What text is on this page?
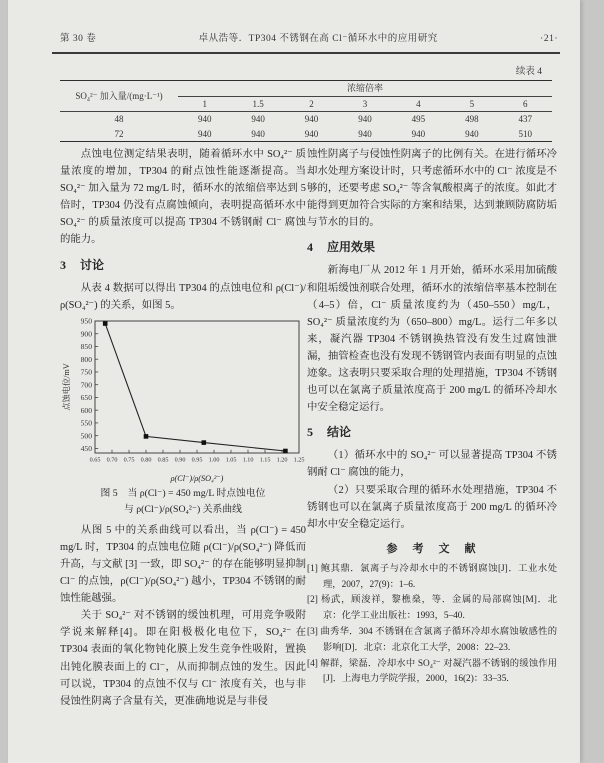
第 30 卷	卓从浩等．TP304 不锈钢在高 Cl⁻循环水中的应用研究	·21·
续表 4
SO₄²⁻ 加入量/(mg·L⁻¹)	浓缩倍率						
	1	1.5	2	3	4	5	6
48	940	940	940	940	495	498	437
72	940	940	940	940	940	940	510

点蚀电位测定结果表明，随着循环水中 SO₄²⁻ 质量浓度的增加，TP304 的耐点蚀性能逐渐提高。当 SO₄²⁻ 加入量为 72 mg/L 时，循环水的浓缩倍率达到 5 倍时，TP304 仍没有点腐蚀倾向，表明提高循环水中 SO₄²⁻ 的质量浓度可以提高 TP304 不锈钢耐 Cl⁻ 腐蚀的能力。

3 讨论

从表 4 数据可以得出 TP304 的点蚀电位和 ρ(Cl⁻)/ρ(SO₄²⁻) 的关系，如图 5。

450
500
550
600
650
700
750
800
850
900
950
0.65 0.70 0.75 0.80 0.85 0.90 0.95 1.00 1.05 1.10 1.15 1.20 1.25
ρ(Cl⁻)/ρ(SO₄²⁻)
点蚀电位/mV
图 5　当 ρ(Cl⁻) = 450 mg/L 时点蚀电位
与 ρ(Cl⁻)/ρ(SO₄²⁻) 关系曲线

从图 5 中的关系曲线可以看出，当 ρ(Cl⁻) = 450 mg/L 时，TP304 的点蚀电位随 ρ(Cl⁻)/ρ(SO₄²⁻) 降低而升高，与文献 [3] 一致，即 SO₄²⁻ 的存在能够明显抑制 Cl⁻ 的点蚀，ρ(Cl⁻)/ρ(SO₄²⁻) 越小，TP304 不锈钢的耐蚀性能越强。

关于 SO₄²⁻ 对不锈钢的缓蚀机理，可用竞争吸附学说来解释[4]。即在阳极极化电位下，SO₄²⁻ 在 TP304 表面的氧化物钝化膜上发生竞争性吸附，置换出钝化膜表面上的 Cl⁻，从而抑制点蚀的发生。因此可以说，TP304 的点蚀不仅与 Cl⁻ 浓度有关，也与非侵蚀性阴离子含量有关，更准确地说是与非侵

蚀性阴离子与侵蚀性阴离子的比例有关。在进行循环冷却水处理方案设计时，只考虑循环水中的 Cl⁻ 浓度是不够的，还要考虑 SO₄²⁻ 等含氧酸根离子的浓度。如此才能得到更加符合实际的方案和结果，达到兼顾防腐防垢与节水的目的。

4 应用效果

新海电厂从 2012 年 1 月开始，循环水采用加硫酸和阻垢缓蚀剂联合处理，循环水的浓缩倍率基本控制在（4–5）倍，Cl⁻ 质量浓度约为（450–550）mg/L，SO₄²⁻ 质量浓度约为（650–800）mg/L。运行二年多以来，凝汽器 TP304 不锈钢换热管没有发生过腐蚀泄漏，抽管检查也没有发现不锈钢管内表面有明显的点蚀迹象。这表明只要采取合理的处理措施，TP304 不锈钢也可以在氯离子质量浓度高于 200 mg/L 的循环冷却水中安全稳定运行。

5 结论

（1）循环水中的 SO₄²⁻ 可以显著提高 TP304 不锈钢耐 Cl⁻ 腐蚀的能力，

（2）只要采取合理的循环水处理措施，TP304 不锈钢也可以在氯离子质量浓度高于 200 mg/L 的循环冷却水中安全稳定运行。

参　考　文　献

[1] 鲍其鼎．氯离子与冷却水中的不锈钢腐蚀[J]．工业水处理，2007，27(9)：1–6.

[2] 杨武，顾浚祥，黎樵燊，等．金属的局部腐蚀[M]．北京：化学工业出版社：1993，5–40.

[3] 曲秀华．304 不锈钢在含氯离子循环冷却水腐蚀敏感性的影响[D]．北京：北京化工大学，2008：22–23.

[4] 解群，梁磊．冷却水中 SO₄²⁻ 对凝汽器不锈钢的缓蚀作用[J]．上海电力学院学报，2000，16(2)：33–35.
